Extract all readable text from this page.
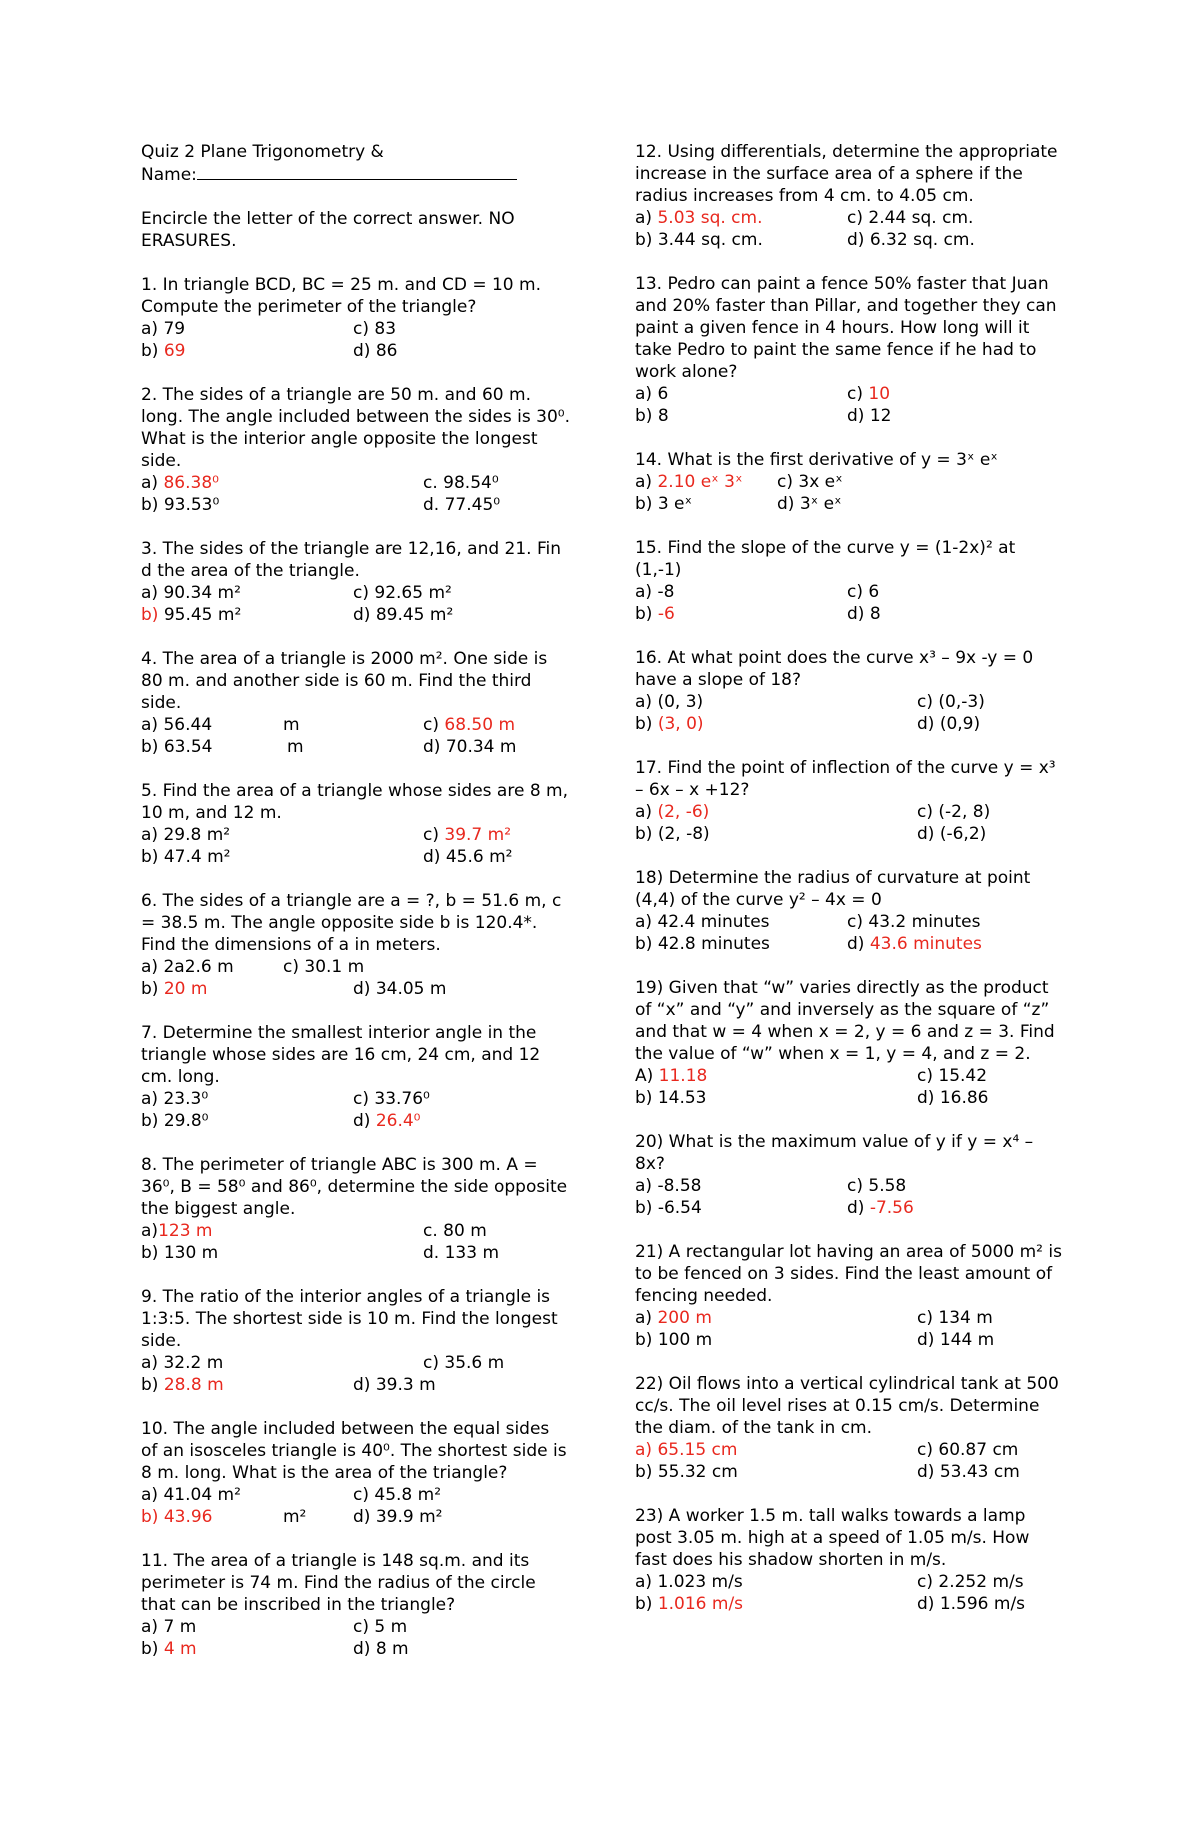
Quiz 2 Plane Trigonometry &
Name:
Encircle the letter of the correct answer. NO ERASURES.
1. In triangle BCD, BC = 25 m. and CD = 10 m. Compute the perimeter of the triangle?
a) 79	c) 83
b) 69	d) 86
2. The sides of a triangle are 50 m. and 60 m. long. The angle included between the sides is 30⁰. What is the interior angle opposite the longest side.
a) 86.38⁰	c. 98.54⁰
b) 93.53⁰	d. 77.45⁰
3. The sides of the triangle are 12,16, and 21. Fin d the area of the triangle.
a) 90.34 m²	c) 92.65 m²
b) 95.45 m²	d) 89.45 m²
4. The area of a triangle is 2000 m². One side is 80 m. and another side is 60 m. Find the third side.
a) 56.44	m	c) 68.50 m
b) 63.54	m	d) 70.34 m
5. Find the area of a triangle whose sides are 8 m, 10 m, and 12 m.
a) 29.8 m²	c) 39.7 m²
b) 47.4 m²	d) 45.6 m²
6. The sides of a triangle are a = ?, b = 51.6 m, c = 38.5 m. The angle opposite side b is 120.4*. Find the dimensions of a in meters.
a) 2a2.6 m	c) 30.1 m
b) 20 m	d) 34.05 m
7. Determine the smallest interior angle in the triangle whose sides are 16 cm, 24 cm, and 12 cm. long.
a) 23.3⁰	c) 33.76⁰
b) 29.8⁰	d) 26.4⁰
8. The perimeter of triangle ABC is 300 m. A = 36⁰, B = 58⁰ and 86⁰, determine the side opposite the biggest angle.
a)123 m	c. 80 m
b) 130 m	d. 133 m
9. The ratio of the interior angles of a triangle is 1:3:5. The shortest side is 10 m. Find the longest side.
a) 32.2 m	c) 35.6 m
b) 28.8 m	d) 39.3 m
10. The angle included between the equal sides of an isosceles triangle is 40⁰. The shortest side is 8 m. long. What is the area of the triangle?
a) 41.04 m²	c) 45.8 m²
b) 43.96	m²	d) 39.9 m²
11. The area of a triangle is 148 sq.m. and its perimeter is 74 m. Find the radius of the circle that can be inscribed in the triangle?
a) 7 m	c) 5 m
b) 4 m	d) 8 m
12. Using differentials, determine the appropriate increase in the surface area of a sphere if the radius increases from 4 cm. to 4.05 cm.
a) 5.03 sq. cm.	c) 2.44 sq. cm.
b) 3.44 sq. cm.	d) 6.32 sq. cm.
13. Pedro can paint a fence 50% faster that Juan and 20% faster than Pillar, and together they can paint a given fence in 4 hours. How long will it take Pedro to paint the same fence if he had to work alone?
a) 6	c) 10
b) 8	d) 12
14. What is the first derivative of y = 3ˣ eˣ
a) 2.10 eˣ 3ˣ c) 3x eˣ
b) 3 eˣ	d) 3ˣ eˣ
15. Find the slope of the curve y = (1-2x)² at (1,-1)
a) -8	c) 6
b) -6	d) 8
16. At what point does the curve x³ – 9x -y = 0 have a slope of 18?
a) (0, 3)	c) (0,-3)
b) (3, 0)	d) (0,9)
17. Find the point of inflection of the curve y = x³ – 6x – x +12?
a) (2, -6)	c) (-2, 8)
b) (2, -8)	d) (-6,2)
18) Determine the radius of curvature at point (4,4) of the curve y² – 4x = 0
a) 42.4 minutes	c) 43.2 minutes
b) 42.8 minutes	d) 43.6 minutes
19) Given that “w” varies directly as the product of “x” and “y” and inversely as the square of “z” and that w = 4 when x = 2, y = 6 and z = 3. Find the value of “w” when x = 1, y = 4, and z = 2.
A) 11.18	c) 15.42
b) 14.53	d) 16.86
20) What is the maximum value of y if y = x⁴ – 8x?
a) -8.58	c) 5.58
b) -6.54	d) -7.56
21) A rectangular lot having an area of 5000 m² is to be fenced on 3 sides. Find the least amount of fencing needed.
a) 200 m	c) 134 m
b) 100 m	d) 144 m
22) Oil flows into a vertical cylindrical tank at 500 cc/s. The oil level rises at 0.15 cm/s. Determine the diam. of the tank in cm.
a) 65.15 cm	c) 60.87 cm
b) 55.32 cm	d) 53.43 cm
23) A worker 1.5 m. tall walks towards a lamp post 3.05 m. high at a speed of 1.05 m/s. How fast does his shadow shorten in m/s.
a) 1.023 m/s	c) 2.252 m/s
b) 1.016 m/s	d) 1.596 m/s
